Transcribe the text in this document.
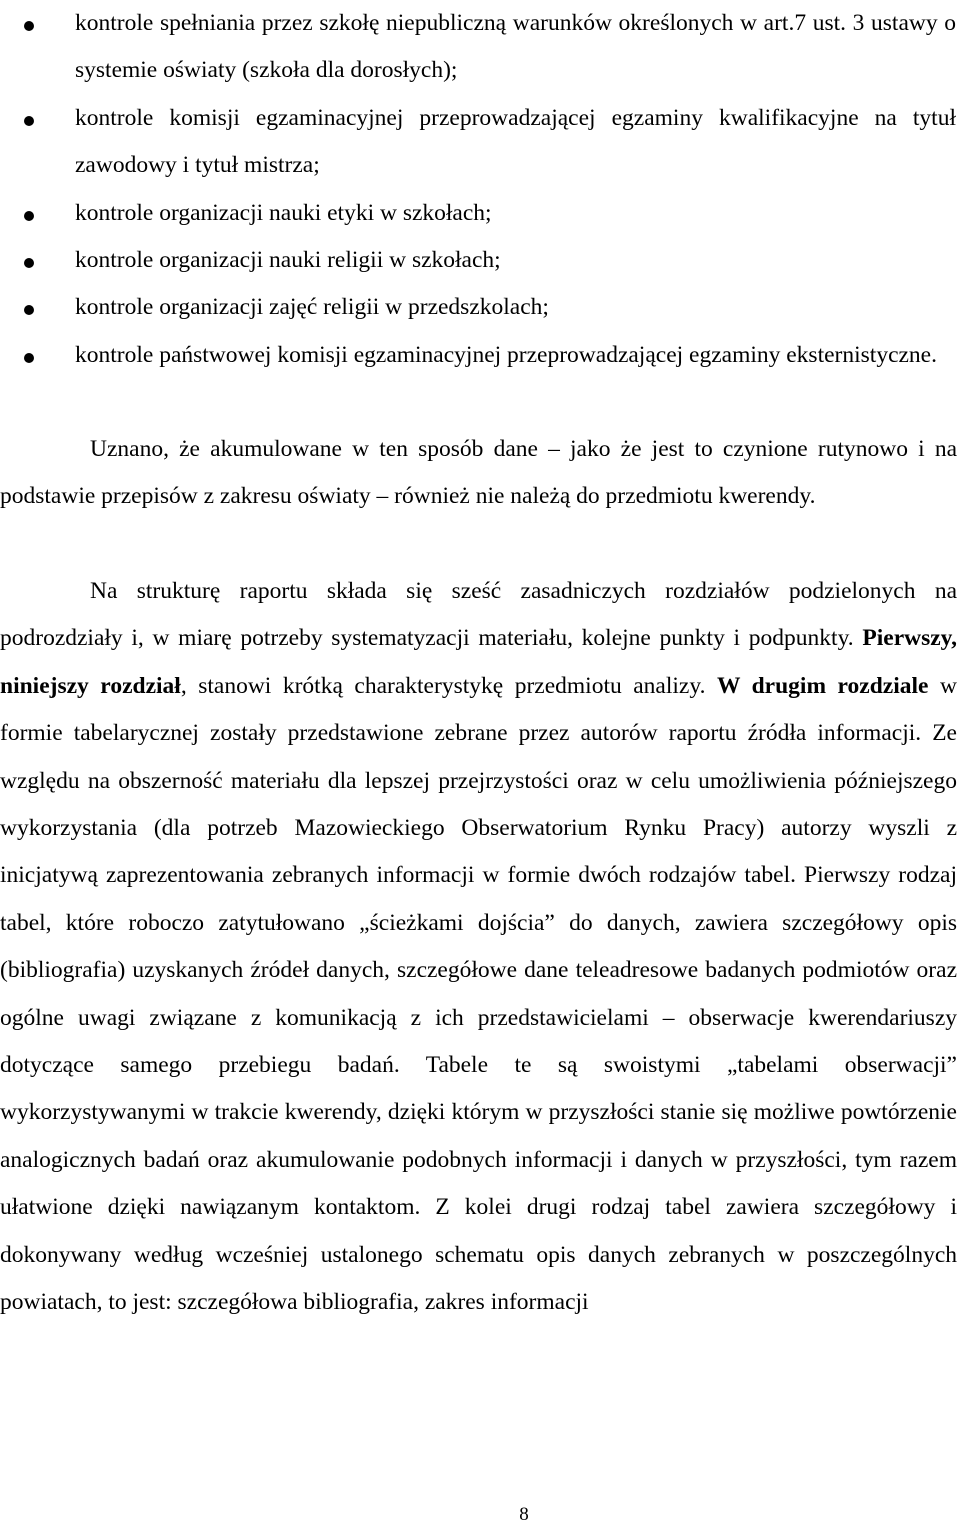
kontrole spełniania przez szkołę niepubliczną warunków określonych w art.7 ust. 3 ustawy o systemie oświaty (szkoła dla dorosłych);
kontrole komisji egzaminacyjnej przeprowadzającej egzaminy kwalifikacyjne na tytuł zawodowy i tytuł mistrza;
kontrole organizacji nauki etyki w szkołach;
kontrole organizacji nauki religii w szkołach;
kontrole organizacji zajęć religii w przedszkolach;
kontrole państwowej komisji egzaminacyjnej przeprowadzającej egzaminy eksternistyczne.

Uznano, że akumulowane w ten sposób dane – jako że jest to czynione rutynowo i na podstawie przepisów z zakresu oświaty – również nie należą do przedmiotu kwerendy.

Na strukturę raportu składa się sześć zasadniczych rozdziałów podzielonych na podrozdziały i, w miarę potrzeby systematyzacji materiału, kolejne punkty i podpunkty. Pierwszy, niniejszy rozdział, stanowi krótką charakterystykę przedmiotu analizy. W drugim rozdziale w formie tabelarycznej zostały przedstawione zebrane przez autorów raportu źródła informacji. Ze względu na obszerność materiału dla lepszej przejrzystości oraz w celu umożliwienia późniejszego wykorzystania (dla potrzeb Mazowieckiego Obserwatorium Rynku Pracy) autorzy wyszli z inicjatywą zaprezentowania zebranych informacji w formie dwóch rodzajów tabel. Pierwszy rodzaj tabel, które roboczo zatytułowano „ścieżkami dojścia” do danych, zawiera szczegółowy opis (bibliografia) uzyskanych źródeł danych, szczegółowe dane teleadresowe badanych podmiotów oraz ogólne uwagi związane z komunikacją z ich przedstawicielami – obserwacje kwerendariuszy dotyczące samego przebiegu badań. Tabele te są swoistymi „tabelami obserwacji” wykorzystywanymi w trakcie kwerendy, dzięki którym w przyszłości stanie się możliwe powtórzenie analogicznych badań oraz akumulowanie podobnych informacji i danych w przyszłości, tym razem ułatwione dzięki nawiązanym kontaktom. Z kolei drugi rodzaj tabel zawiera szczegółowy i dokonywany według wcześniej ustalonego schematu opis danych zebranych w poszczególnych powiatach, to jest: szczegółowa bibliografia, zakres informacji

8
